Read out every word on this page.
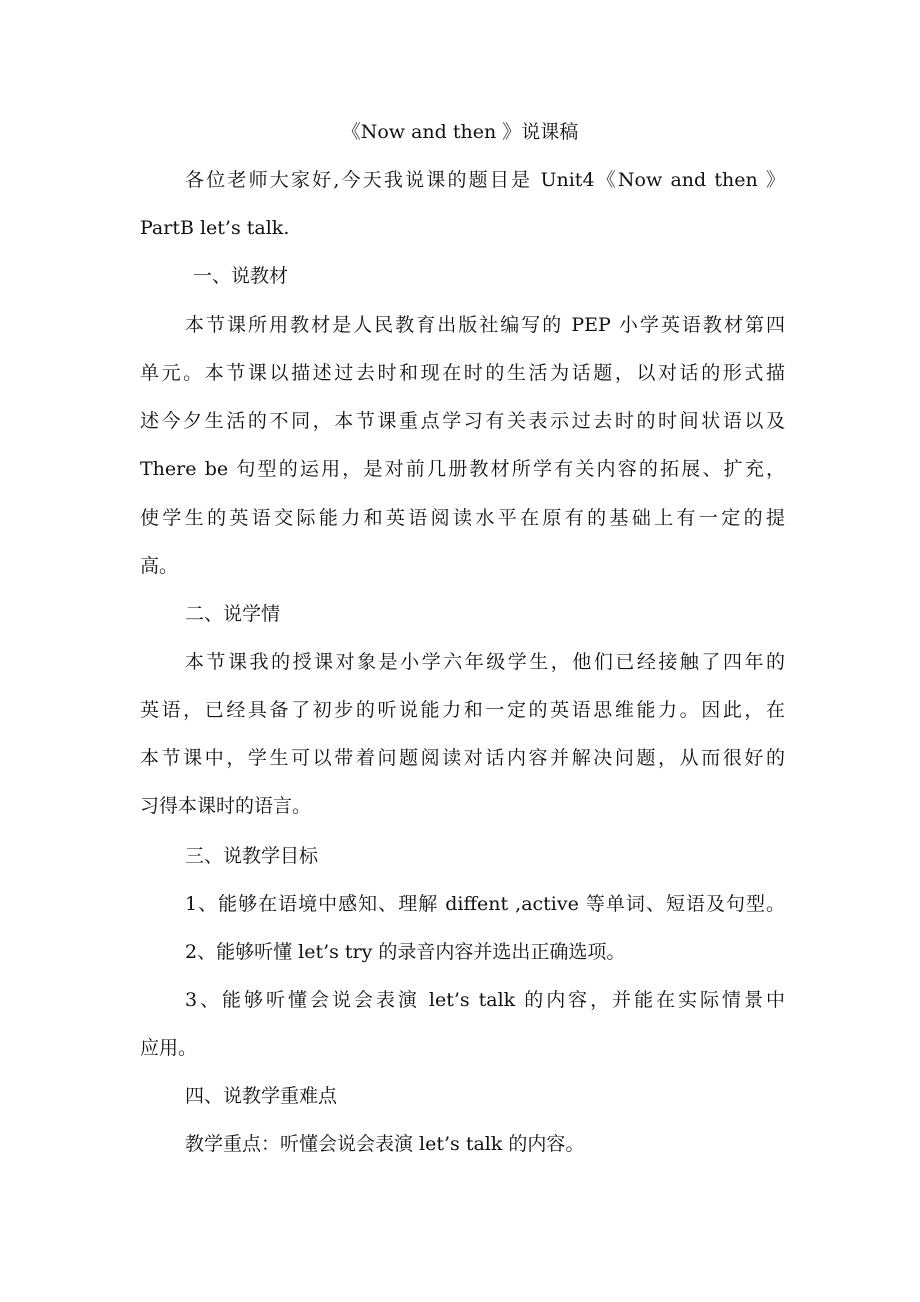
《Now and then 》说课稿
各位老师大家好,今天我说课的题目是 Unit4《Now and then 》
PartB let’s talk.
一、说教材
本节课所用教材是人民教育出版社编写的 PEP 小学英语教材第四
单元。本节课以描述过去时和现在时的生活为话题，以对话的形式描
述今夕生活的不同，本节课重点学习有关表示过去时的时间状语以及
There be 句型的运用，是对前几册教材所学有关内容的拓展、扩充，
使学生的英语交际能力和英语阅读水平在原有的基础上有一定的提
高。
二、说学情
本节课我的授课对象是小学六年级学生，他们已经接触了四年的
英语，已经具备了初步的听说能力和一定的英语思维能力。因此，在
本节课中，学生可以带着问题阅读对话内容并解决问题，从而很好的
习得本课时的语言。
三、说教学目标
1、能够在语境中感知、理解 diffent ,active 等单词、短语及句型。
2、能够听懂 let’s try 的录音内容并选出正确选项。
3、能够听懂会说会表演 let’s talk 的内容，并能在实际情景中
应用。
四、说教学重难点
教学重点：听懂会说会表演 let’s talk 的内容。
